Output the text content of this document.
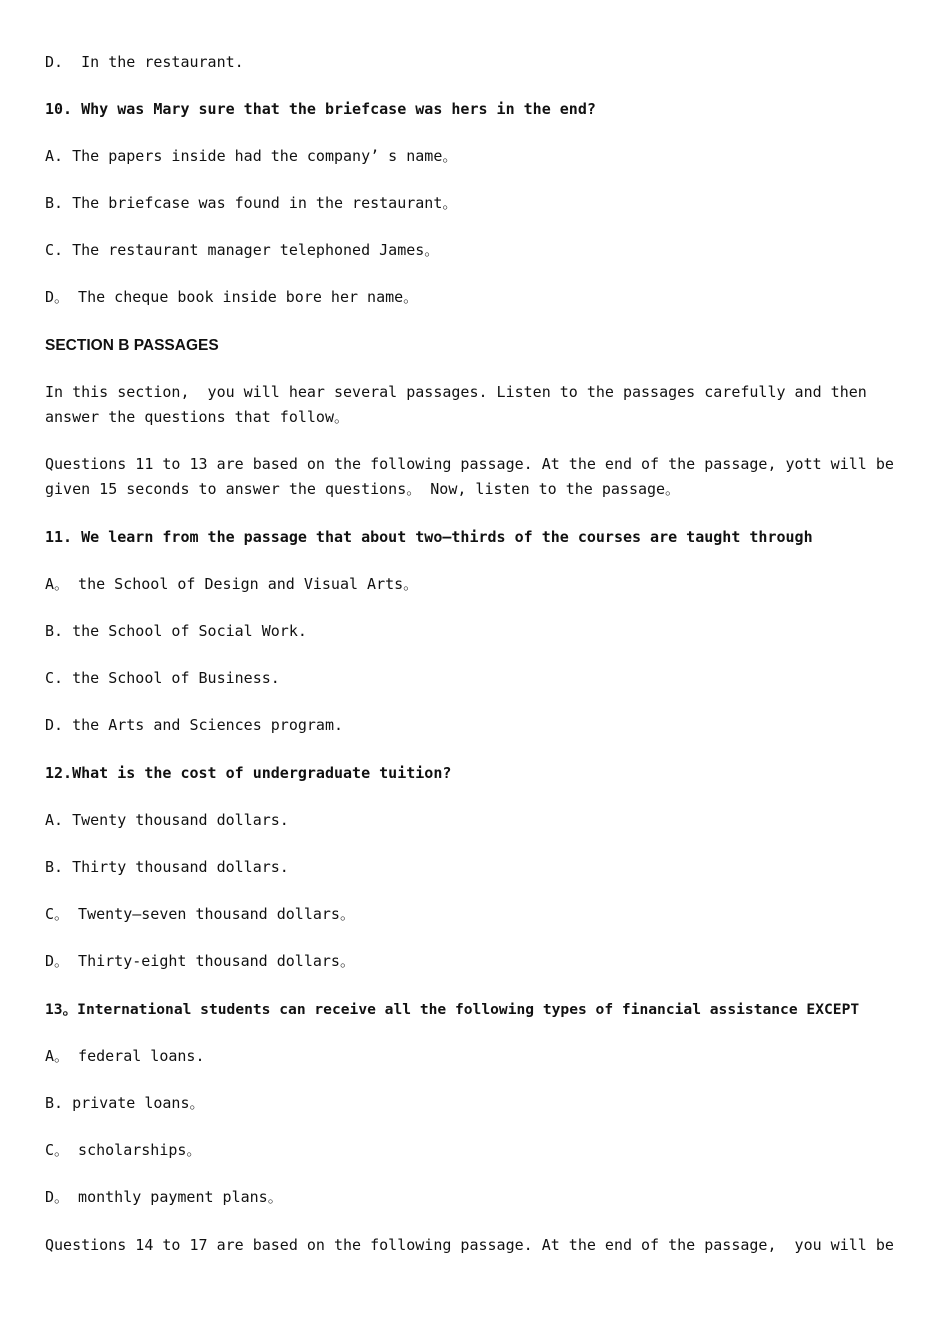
D.  In the restaurant.

10. Why was Mary sure that the briefcase was hers in the end?

A. The papers inside had the company’ s name。

B. The briefcase was found in the restaurant。

C. The restaurant manager telephoned James。

D。 The cheque book inside bore her name。

SECTION B PASSAGES

In this section,  you will hear several passages. Listen to the passages carefully and then answer the questions that follow。

Questions 11 to 13 are based on the following passage. At the end of the passage, yott will be given 15 seconds to answer the questions。 Now, listen to the passage。

11. We learn from the passage that about two—thirds of the courses are taught through

A。 the School of Design and Visual Arts。

B. the School of Social Work.

C. the School of Business.

D. the Arts and Sciences program.

12.What is the cost of undergraduate tuition?

A. Twenty thousand dollars.

B. Thirty thousand dollars.

C。 Twenty—seven thousand dollars。

D。 Thirty-eight thousand dollars。

13。International students can receive all the following types of financial assistance EXCEPT

A。 federal loans.

B. private loans。

C。 scholarships。

D。 monthly payment plans。

Questions 14 to 17 are based on the following passage. At the end of the passage,  you will be
